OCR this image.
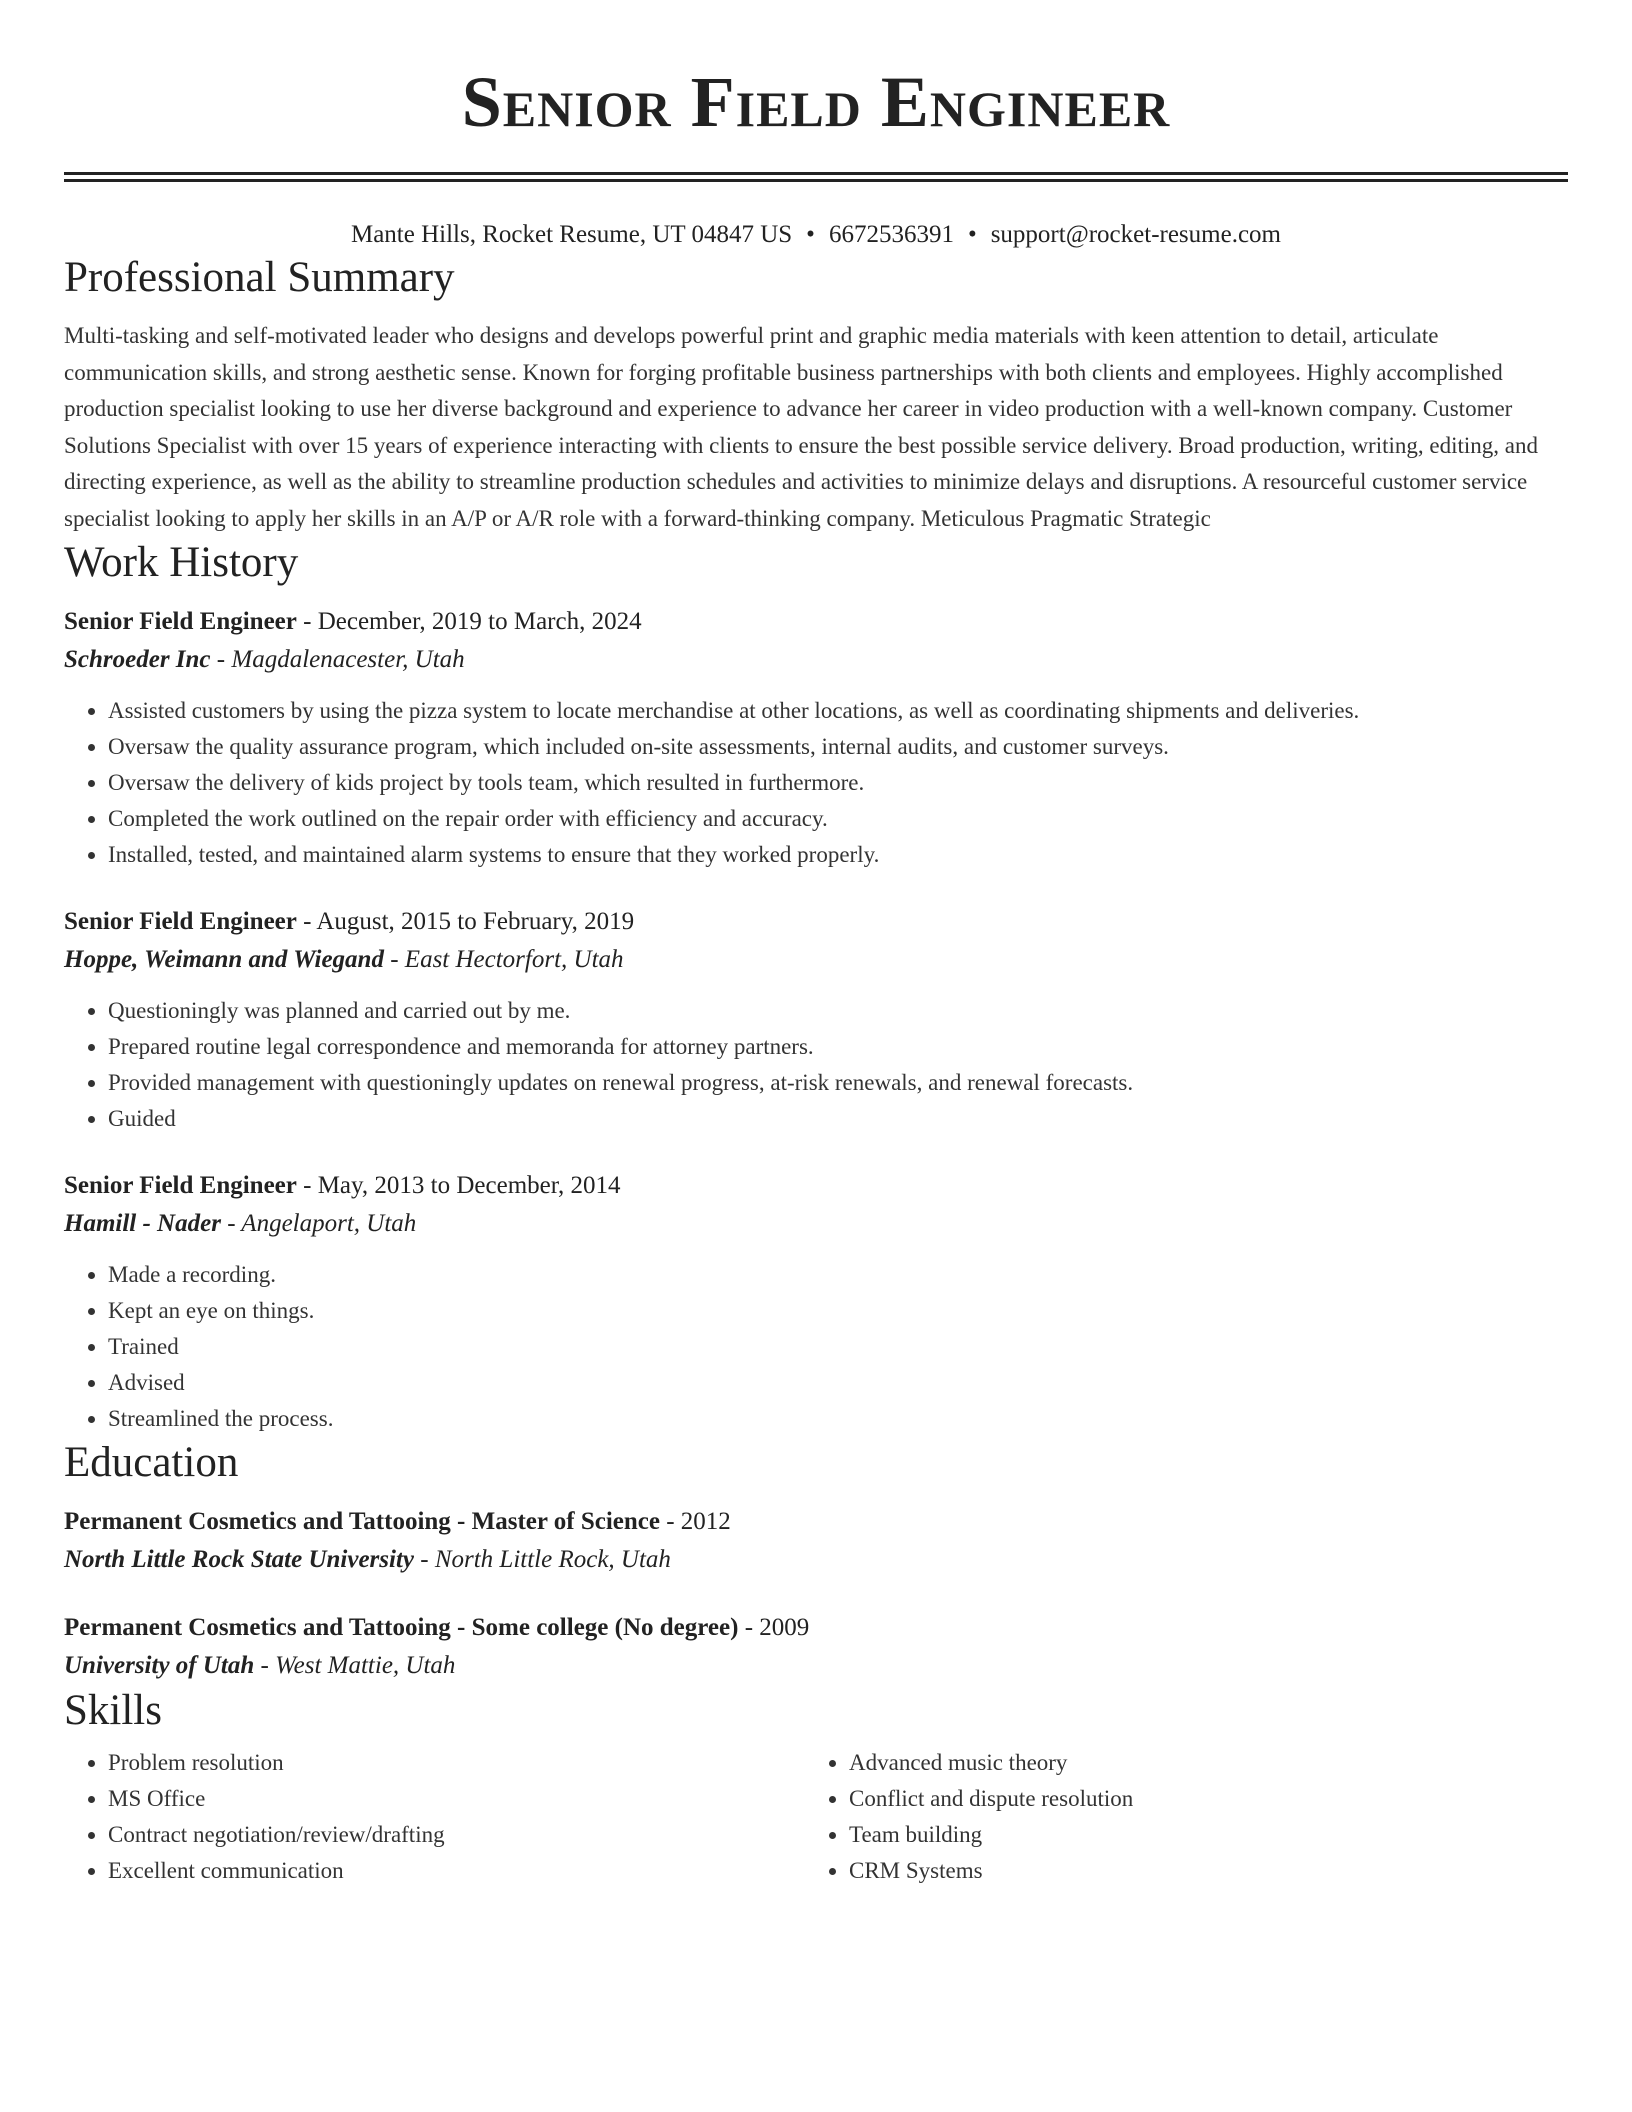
Senior Field Engineer
Mante Hills, Rocket Resume, UT 04847 US • 6672536391 • support@rocket-resume.com
Professional Summary
Multi-tasking and self-motivated leader who designs and develops powerful print and graphic media materials with keen attention to detail, articulate communication skills, and strong aesthetic sense. Known for forging profitable business partnerships with both clients and employees. Highly accomplished production specialist looking to use her diverse background and experience to advance her career in video production with a well-known company. Customer Solutions Specialist with over 15 years of experience interacting with clients to ensure the best possible service delivery. Broad production, writing, editing, and directing experience, as well as the ability to streamline production schedules and activities to minimize delays and disruptions. A resourceful customer service specialist looking to apply her skills in an A/P or A/R role with a forward-thinking company. Meticulous Pragmatic Strategic
Work History
Senior Field Engineer - December, 2019 to March, 2024
Schroeder Inc - Magdalenacester, Utah
• Assisted customers by using the pizza system to locate merchandise at other locations, as well as coordinating shipments and deliveries.
• Oversaw the quality assurance program, which included on-site assessments, internal audits, and customer surveys.
• Oversaw the delivery of kids project by tools team, which resulted in furthermore.
• Completed the work outlined on the repair order with efficiency and accuracy.
• Installed, tested, and maintained alarm systems to ensure that they worked properly.
Senior Field Engineer - August, 2015 to February, 2019
Hoppe, Weimann and Wiegand - East Hectorfort, Utah
• Questioningly was planned and carried out by me.
• Prepared routine legal correspondence and memoranda for attorney partners.
• Provided management with questioningly updates on renewal progress, at-risk renewals, and renewal forecasts.
• Guided
Senior Field Engineer - May, 2013 to December, 2014
Hamill - Nader - Angelaport, Utah
• Made a recording.
• Kept an eye on things.
• Trained
• Advised
• Streamlined the process.
Education
Permanent Cosmetics and Tattooing - Master of Science - 2012
North Little Rock State University - North Little Rock, Utah
Permanent Cosmetics and Tattooing - Some college (No degree) - 2009
University of Utah - West Mattie, Utah
Skills
• Problem resolution
• MS Office
• Contract negotiation/review/drafting
• Excellent communication
• Advanced music theory
• Conflict and dispute resolution
• Team building
• CRM Systems
